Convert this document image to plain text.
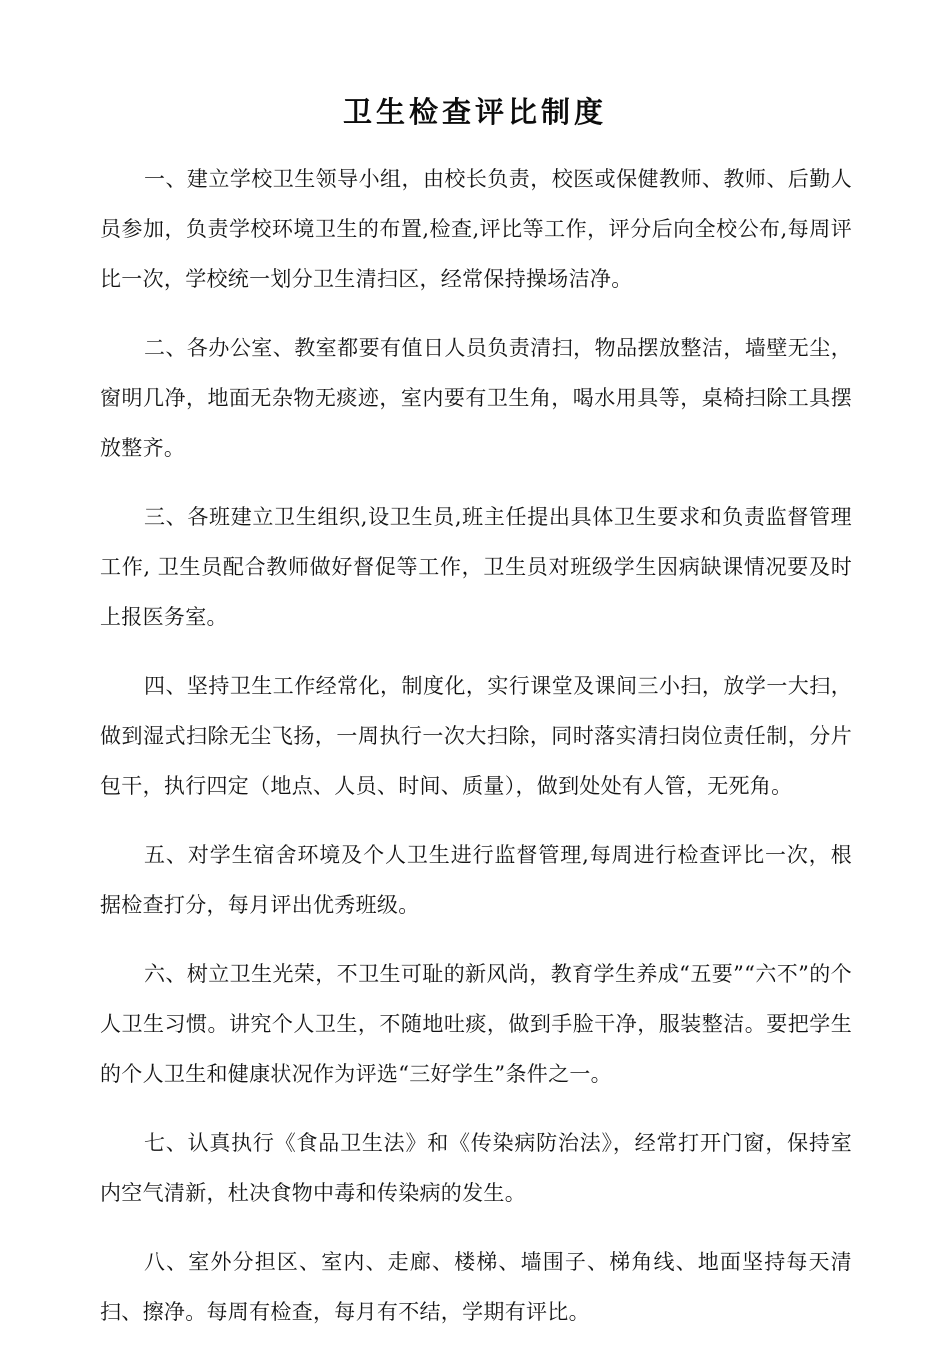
卫生检查评比制度

一、建立学校卫生领导小组，由校长负责，校医或保健教师、教师、后勤人员参加，负责学校环境卫生的布置,检查,评比等工作，评分后向全校公布,每周评比一次，学校统一划分卫生清扫区，经常保持操场洁净。

二、各办公室、教室都要有值日人员负责清扫，物品摆放整洁，墙壁无尘，窗明几净，地面无杂物无痰迹，室内要有卫生角，喝水用具等，桌椅扫除工具摆放整齐。

三、各班建立卫生组织,设卫生员,班主任提出具体卫生要求和负责监督管理工作, 卫生员配合教师做好督促等工作，卫生员对班级学生因病缺课情况要及时上报医务室。

四、坚持卫生工作经常化，制度化，实行课堂及课间三小扫，放学一大扫，做到湿式扫除无尘飞扬，一周执行一次大扫除，同时落实清扫岗位责任制，分片包干，执行四定（地点、人员、时间、质量），做到处处有人管，无死角。

五、对学生宿舍环境及个人卫生进行监督管理,每周进行检查评比一次，根据检查打分，每月评出优秀班级。

六、树立卫生光荣，不卫生可耻的新风尚，教育学生养成“五要”“六不”的个人卫生习惯。讲究个人卫生，不随地吐痰，做到手脸干净，服装整洁。要把学生的个人卫生和健康状况作为评选“三好学生”条件之一。

七、认真执行《食品卫生法》和《传染病防治法》，经常打开门窗，保持室内空气清新，杜决食物中毒和传染病的发生。

八、室外分担区、室内、走廊、楼梯、墙围子、梯角线、地面坚持每天清扫、擦净。每周有检查，每月有不结，学期有评比。
